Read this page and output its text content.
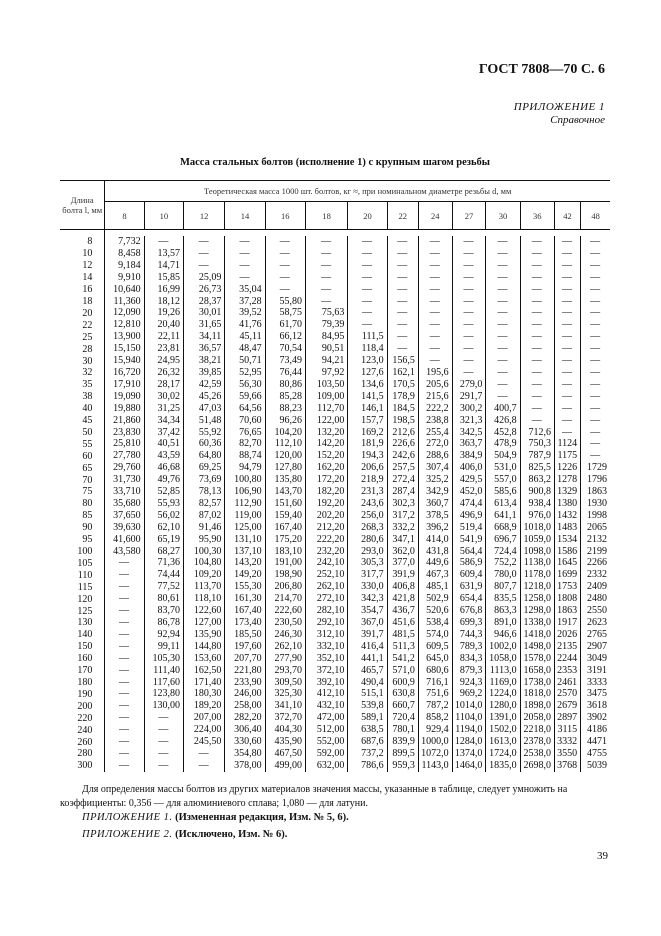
ГОСТ 7808—70 С. 6
ПРИЛОЖЕНИЕ 1
Справочное
Масса стальных болтов (исполнение 1) с крупным шагом резьбы
Длина болта l, мм	Теоретическая масса 1000 шт. болтов, кг ≈, при номинальном диаметре резьбы d, мм													
	8	10	12	14	16	18	20	22	24	27	30	36	42	48

8	7,732	—	—	—	—	—	—	—	—	—	—	—	—	—
10	8,458	13,57	—	—	—	—	—	—	—	—	—	—	—	—
12	9,184	14,71	—	—	—	—	—	—	—	—	—	—	—	—
14	9,910	15,85	25,09	—	—	—	—	—	—	—	—	—	—	—
16	10,640	16,99	26,73	35,04	—	—	—	—	—	—	—	—	—	—
18	11,360	18,12	28,37	37,28	55,80	—	—	—	—	—	—	—	—	—
20	12,090	19,26	30,01	39,52	58,75	75,63	—	—	—	—	—	—	—	—
22	12,810	20,40	31,65	41,76	61,70	79,39	—	—	—	—	—	—	—	—
25	13,900	22,11	34,11	45,11	66,12	84,95	111,5	—	—	—	—	—	—	—
28	15,150	23,81	36,57	48,47	70,54	90,51	118,4	—	—	—	—	—	—	—
30	15,940	24,95	38,21	50,71	73,49	94,21	123,0	156,5	—	—	—	—	—	—
32	16,720	26,32	39,85	52,95	76,44	97,92	127,6	162,1	195,6	—	—	—	—	—
35	17,910	28,17	42,59	56,30	80,86	103,50	134,6	170,5	205,6	279,0	—	—	—	—
38	19,090	30,02	45,26	59,66	85,28	109,00	141,5	178,9	215,6	291,7	—	—	—	—
40	19,880	31,25	47,03	64,56	88,23	112,70	146,1	184,5	222,2	300,2	400,7	—	—	—
45	21,860	34,34	51,48	70,60	96,26	122,00	157,7	198,5	238,8	321,3	426,8	—	—	—
50	23,830	37,42	55,92	76,65	104,20	132,20	169,2	212,6	255,4	342,5	452,8	712,6	—	—
55	25,810	40,51	60,36	82,70	112,10	142,20	181,9	226,6	272,0	363,7	478,9	750,3	1124	—
60	27,780	43,59	64,80	88,74	120,00	152,20	194,3	242,6	288,6	384,9	504,9	787,9	1175	—
65	29,760	46,68	69,25	94,79	127,80	162,20	206,6	257,5	307,4	406,0	531,0	825,5	1226	1729
70	31,730	49,76	73,69	100,80	135,80	172,20	218,9	272,4	325,2	429,5	557,0	863,2	1278	1796
75	33,710	52,85	78,13	106,90	143,70	182,20	231,3	287,4	342,9	452,0	585,6	900,8	1329	1863
80	35,680	55,93	82,57	112,90	151,60	192,20	243,6	302,3	360,7	474,4	613,4	938,4	1380	1930
85	37,650	56,02	87,02	119,00	159,40	202,20	256,0	317,2	378,5	496,9	641,1	976,0	1432	1998
90	39,630	62,10	91,46	125,00	167,40	212,20	268,3	332,2	396,2	519,4	668,9	1018,0	1483	2065
95	41,600	65,19	95,90	131,10	175,20	222,20	280,6	347,1	414,0	541,9	696,7	1059,0	1534	2132
100	43,580	68,27	100,30	137,10	183,10	232,20	293,0	362,0	431,8	564,4	724,4	1098,0	1586	2199
105	—	71,36	104,80	143,20	191,00	242,10	305,3	377,0	449,6	586,9	752,2	1138,0	1645	2266
110	—	74,44	109,20	149,20	198,90	252,10	317,7	391,9	467,3	609,4	780,0	1178,0	1699	2332
115	—	77,52	113,70	155,30	206,80	262,10	330,0	406,8	485,1	631,9	807,7	1218,0	1753	2409
120	—	80,61	118,10	161,30	214,70	272,10	342,3	421,8	502,9	654,4	835,5	1258,0	1808	2480
125	—	83,70	122,60	167,40	222,60	282,10	354,7	436,7	520,6	676,8	863,3	1298,0	1863	2550
130	—	86,78	127,00	173,40	230,50	292,10	367,0	451,6	538,4	699,3	891,0	1338,0	1917	2623
140	—	92,94	135,90	185,50	246,30	312,10	391,7	481,5	574,0	744,3	946,6	1418,0	2026	2765
150	—	99,11	144,80	197,60	262,10	332,10	416,4	511,3	609,5	789,3	1002,0	1498,0	2135	2907
160	—	105,30	153,60	207,70	277,90	352,10	441,1	541,2	645,0	834,3	1058,0	1578,0	2244	3049
170	—	111,40	162,50	221,80	293,70	372,10	465,7	571,0	680,6	879,3	1113,0	1658,0	2353	3191
180	—	117,60	171,40	233,90	309,50	392,10	490,4	600,9	716,1	924,3	1169,0	1738,0	2461	3333
190	—	123,80	180,30	246,00	325,30	412,10	515,1	630,8	751,6	969,2	1224,0	1818,0	2570	3475
200	—	130,00	189,20	258,00	341,10	432,10	539,8	660,7	787,2	1014,0	1280,0	1898,0	2679	3618
220	—	—	207,00	282,20	372,70	472,00	589,1	720,4	858,2	1104,0	1391,0	2058,0	2897	3902
240	—	—	224,00	306,40	404,30	512,00	638,5	780,1	929,4	1194,0	1502,0	2218,0	3115	4186
260	—	—	245,50	330,60	435,90	552,00	687,6	839,9	1000,0	1284,0	1613,0	2378,0	3332	4471
280	—	—	—	354,80	467,50	592,00	737,2	899,5	1072,0	1374,0	1724,0	2538,0	3550	4755
300	—	—	—	378,00	499,00	632,00	786,6	959,3	1143,0	1464,0	1835,0	2698,0	3768	5039
Для определения массы болтов из других материалов значения массы, указанные в таблице, следует умножить на коэффициенты: 0,356 — для алюминиевого сплава; 1,080 — для латуни.
ПРИЛОЖЕНИЕ 1. (Измененная редакция, Изм. № 5, 6).
ПРИЛОЖЕНИЕ 2. (Исключено, Изм. № 6).
39
